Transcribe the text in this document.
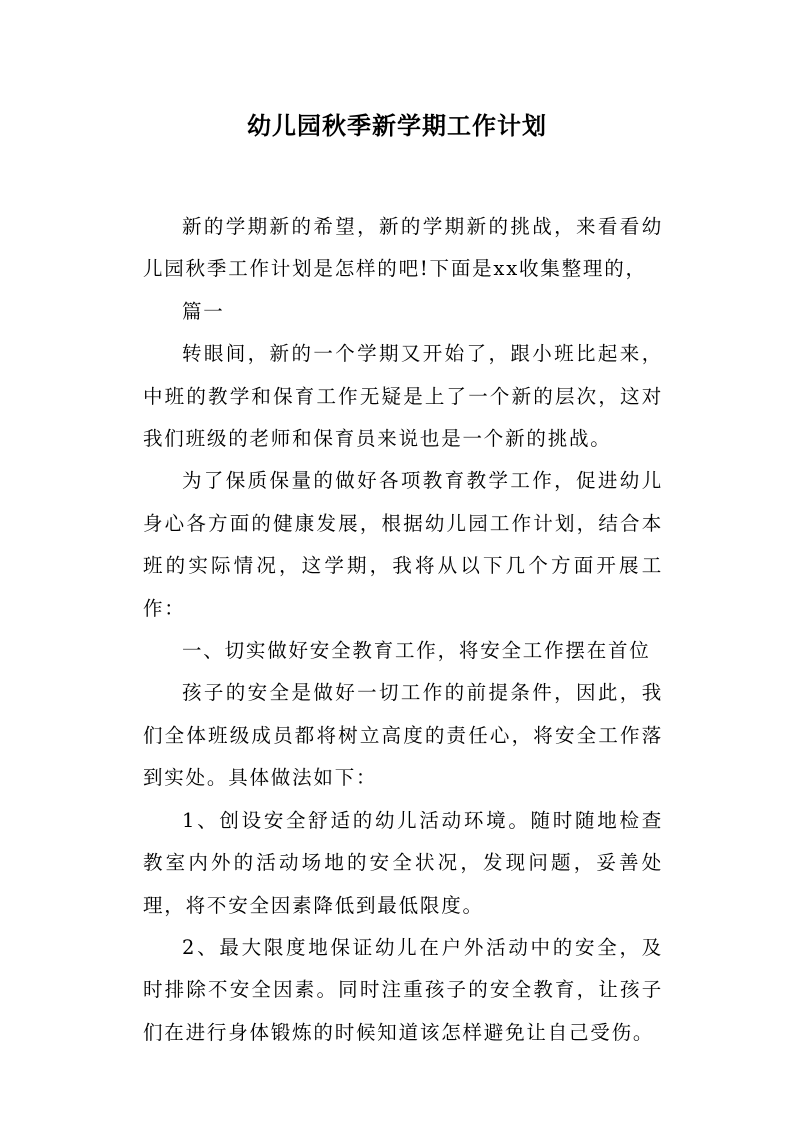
幼儿园秋季新学期工作计划

新的学期新的希望，新的学期新的挑战，来看看幼儿园秋季工作计划是怎样的吧!下面是xx收集整理的，

篇一

转眼间，新的一个学期又开始了，跟小班比起来，中班的教学和保育工作无疑是上了一个新的层次，这对我们班级的老师和保育员来说也是一个新的挑战。

为了保质保量的做好各项教育教学工作，促进幼儿身心各方面的健康发展，根据幼儿园工作计划，结合本班的实际情况，这学期，我将从以下几个方面开展工作：

一、切实做好安全教育工作，将安全工作摆在首位

孩子的安全是做好一切工作的前提条件，因此，我们全体班级成员都将树立高度的责任心，将安全工作落到实处。具体做法如下：

1、创设安全舒适的幼儿活动环境。随时随地检查教室内外的活动场地的安全状况，发现问题，妥善处理，将不安全因素降低到最低限度。

2、最大限度地保证幼儿在户外活动中的安全，及时排除不安全因素。同时注重孩子的安全教育，让孩子们在进行身体锻炼的时候知道该怎样避免让自己受伤。
